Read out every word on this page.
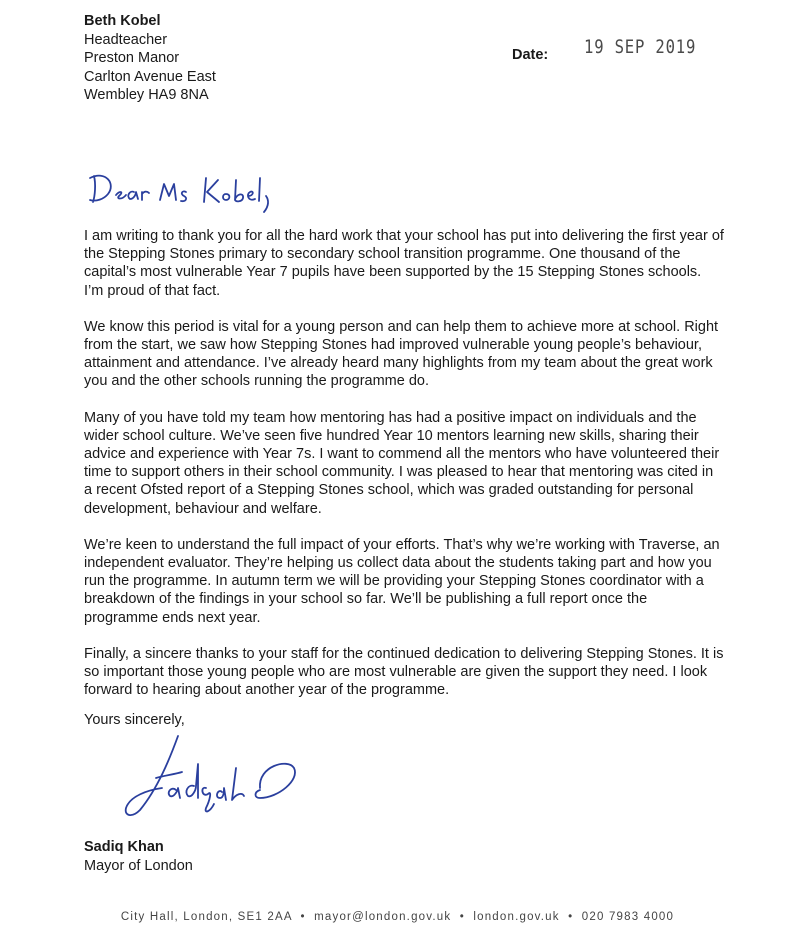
Beth Kobel
Headteacher
Preston Manor
Carlton Avenue East
Wembley HA9 8NA
Date: 19 SEP 2019

I am writing to thank you for all the hard work that your school has put into delivering the first year of the Stepping Stones primary to secondary school transition programme. One thousand of the capital’s most vulnerable Year 7 pupils have been supported by the 15 Stepping Stones schools. I’m proud of that fact.

We know this period is vital for a young person and can help them to achieve more at school. Right from the start, we saw how Stepping Stones had improved vulnerable young people’s behaviour, attainment and attendance. I’ve already heard many highlights from my team about the great work you and the other schools running the programme do.

Many of you have told my team how mentoring has had a positive impact on individuals and the wider school culture. We’ve seen five hundred Year 10 mentors learning new skills, sharing their advice and experience with Year 7s. I want to commend all the mentors who have volunteered their time to support others in their school community. I was pleased to hear that mentoring was cited in a recent Ofsted report of a Stepping Stones school, which was graded outstanding for personal development, behaviour and welfare.

We’re keen to understand the full impact of your efforts. That’s why we’re working with Traverse, an independent evaluator. They’re helping us collect data about the students taking part and how you run the programme. In autumn term we will be providing your Stepping Stones coordinator with a breakdown of the findings in your school so far. We’ll be publishing a full report once the programme ends next year.

Finally, a sincere thanks to your staff for the continued dedication to delivering Stepping Stones. It is so important those young people who are most vulnerable are given the support they need. I look forward to hearing about another year of the programme.

Yours sincerely,
Sadiq Khan
Mayor of London
City Hall, London, SE1 2AA • mayor@london.gov.uk • london.gov.uk • 020 7983 4000
